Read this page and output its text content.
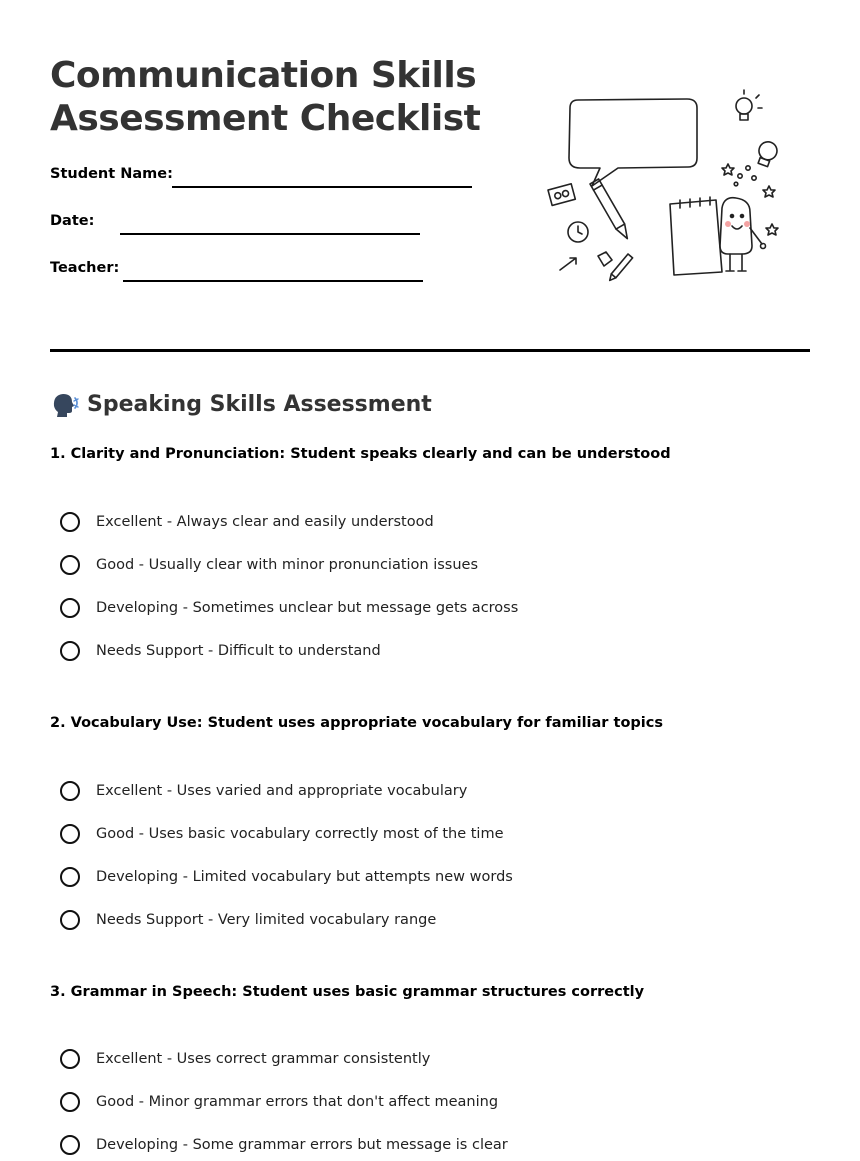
Communication Skills
Assessment Checklist
Student Name:
Date:
Teacher:
Speaking Skills Assessment
1. Clarity and Pronunciation: Student speaks clearly and can be understood
Excellent - Always clear and easily understood
Good - Usually clear with minor pronunciation issues
Developing - Sometimes unclear but message gets across
Needs Support - Difficult to understand
2. Vocabulary Use: Student uses appropriate vocabulary for familiar topics
Excellent - Uses varied and appropriate vocabulary
Good - Uses basic vocabulary correctly most of the time
Developing - Limited vocabulary but attempts new words
Needs Support - Very limited vocabulary range
3. Grammar in Speech: Student uses basic grammar structures correctly
Excellent - Uses correct grammar consistently
Good - Minor grammar errors that don't affect meaning
Developing - Some grammar errors but message is clear
